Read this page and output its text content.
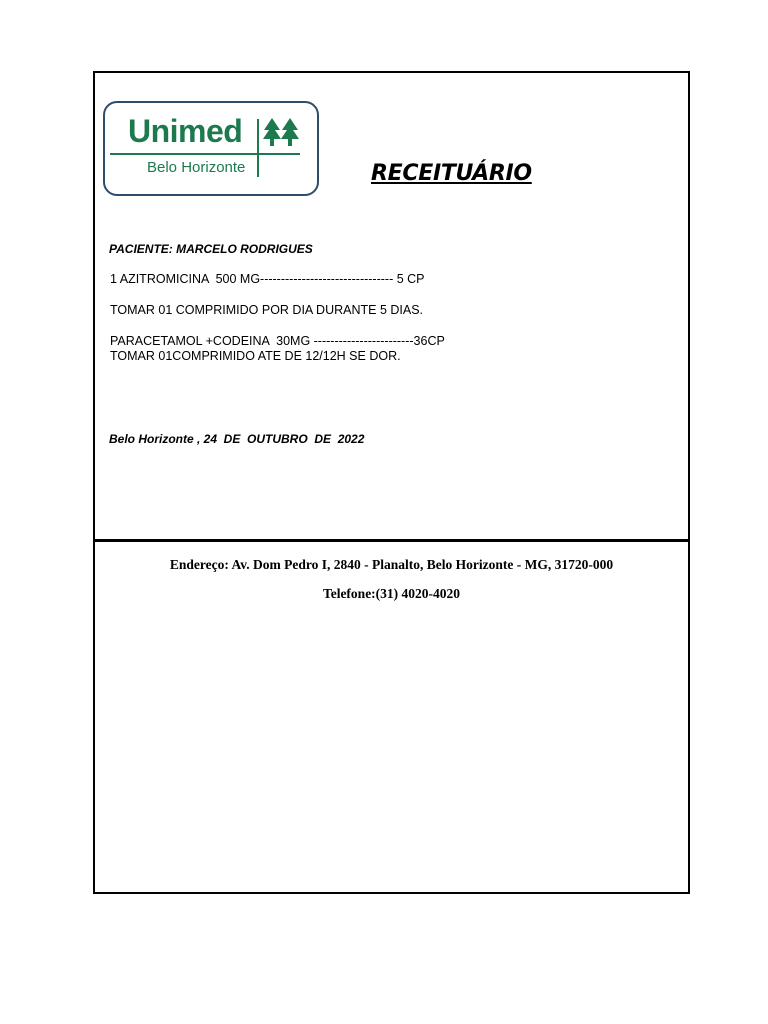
Unimed
Belo Horizonte	RECEITUÁRIO
PACIENTE: MARCELO RODRIGUES
1 AZITROMICINA  500 MG-------------------------------- 5 CP
TOMAR 01 COMPRIMIDO POR DIA DURANTE 5 DIAS.
PARACETAMOL +CODEINA  30MG ------------------------36CP
TOMAR 01COMPRIMIDO ATE DE 12/12H SE DOR.
Belo Horizonte , 24  DE  OUTUBRO  DE  2022
Endereço: Av. Dom Pedro I, 2840 - Planalto, Belo Horizonte - MG, 31720-000
Telefone:(31) 4020-4020
